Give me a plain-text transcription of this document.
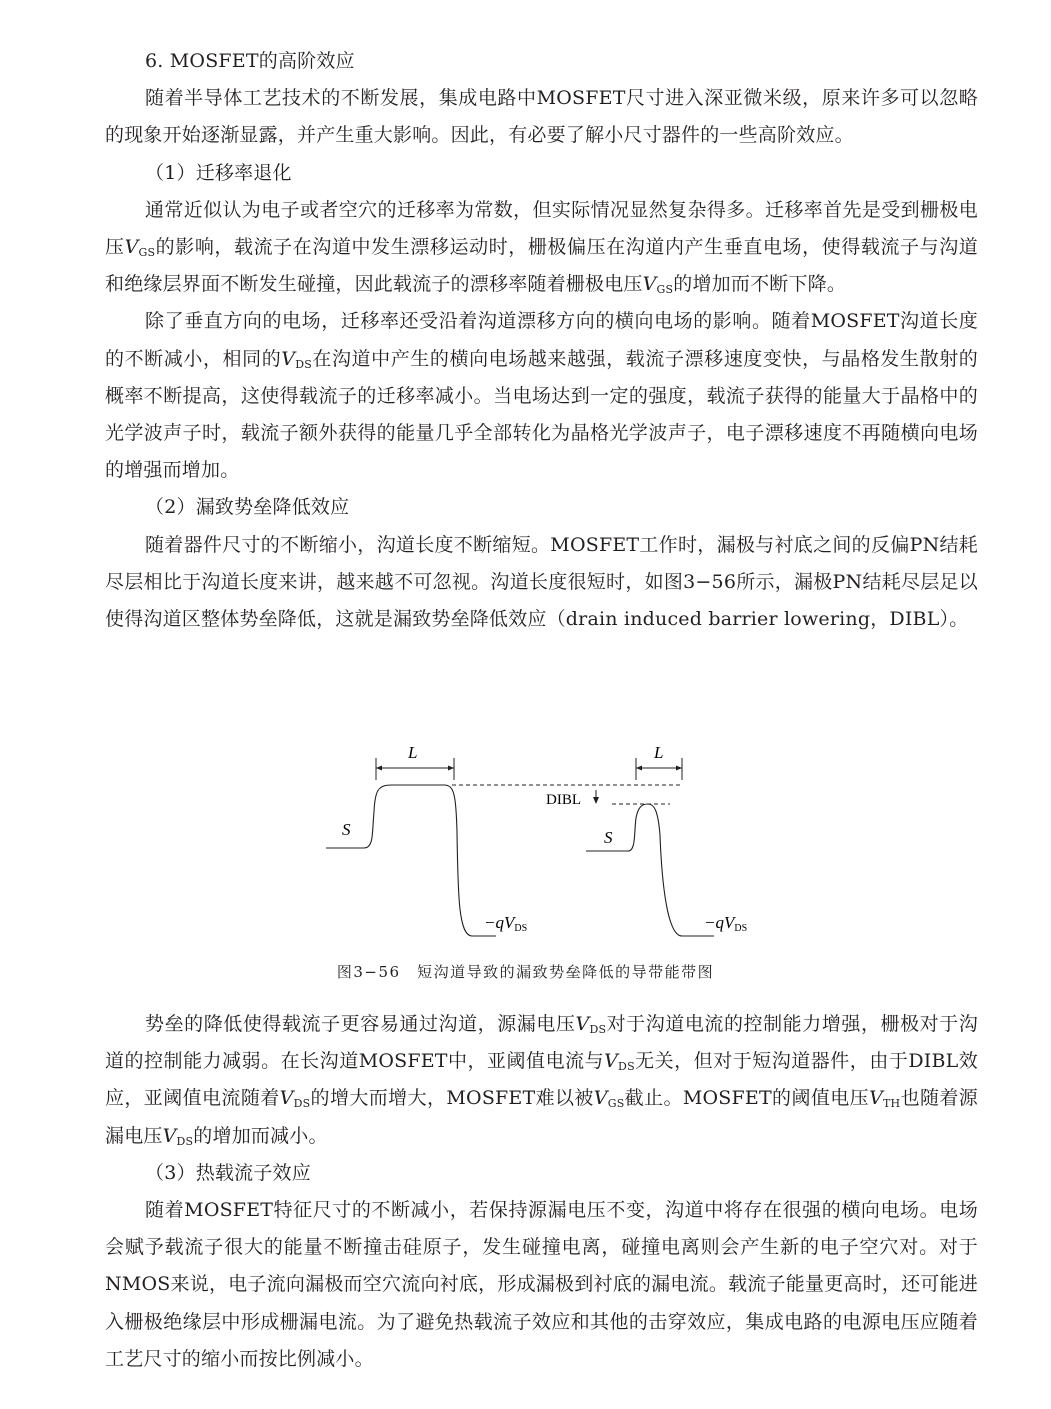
6. MOSFET的高阶效应

随着半导体工艺技术的不断发展，集成电路中MOSFET尺寸进入深亚微米级，原来许多可以忽略的现象开始逐渐显露，并产生重大影响。因此，有必要了解小尺寸器件的一些高阶效应。

（1）迁移率退化

通常近似认为电子或者空穴的迁移率为常数，但实际情况显然复杂得多。迁移率首先是受到栅极电压$V_{GS}$的影响，载流子在沟道中发生漂移运动时，栅极偏压在沟道内产生垂直电场，使得载流子与沟道和绝缘层界面不断发生碰撞，因此载流子的漂移率随着栅极电压$V_{GS}$的增加而不断下降。

除了垂直方向的电场，迁移率还受沿着沟道漂移方向的横向电场的影响。随着MOSFET沟道长度的不断减小，相同的$V_{DS}$在沟道中产生的横向电场越来越强，载流子漂移速度变快，与晶格发生散射的概率不断提高，这使得载流子的迁移率减小。当电场达到一定的强度，载流子获得的能量大于晶格中的光学波声子时，载流子额外获得的能量几乎全部转化为晶格光学波声子，电子漂移速度不再随横向电场的增强而增加。

（2）漏致势垒降低效应

随着器件尺寸的不断缩小，沟道长度不断缩短。MOSFET工作时，漏极与衬底之间的反偏PN结耗尽层相比于沟道长度来讲，越来越不可忽视。沟道长度很短时，如图3−56所示，漏极PN结耗尽层足以使得沟道区整体势垒降低，这就是漏致势垒降低效应（drain induced barrier lowering，DIBL）。

L	L
DIBL
S	S
−qVDS	−qVDS
图3−56　短沟道导致的漏致势垒降低的导带能带图

势垒的降低使得载流子更容易通过沟道，源漏电压$V_{DS}$对于沟道电流的控制能力增强，栅极对于沟道的控制能力减弱。在长沟道MOSFET中，亚阈值电流与$V_{DS}$无关，但对于短沟道器件，由于DIBL效应，亚阈值电流随着$V_{DS}$的增大而增大，MOSFET难以被$V_{GS}$截止。MOSFET的阈值电压$V_{TH}$也随着源漏电压$V_{DS}$的增加而减小。

（3）热载流子效应

随着MOSFET特征尺寸的不断减小，若保持源漏电压不变，沟道中将存在很强的横向电场。电场会赋予载流子很大的能量不断撞击硅原子，发生碰撞电离，碰撞电离则会产生新的电子空穴对。对于NMOS来说，电子流向漏极而空穴流向衬底，形成漏极到衬底的漏电流。载流子能量更高时，还可能进入栅极绝缘层中形成栅漏电流。为了避免热载流子效应和其他的击穿效应，集成电路的电源电压应随着工艺尺寸的缩小而按比例减小。
